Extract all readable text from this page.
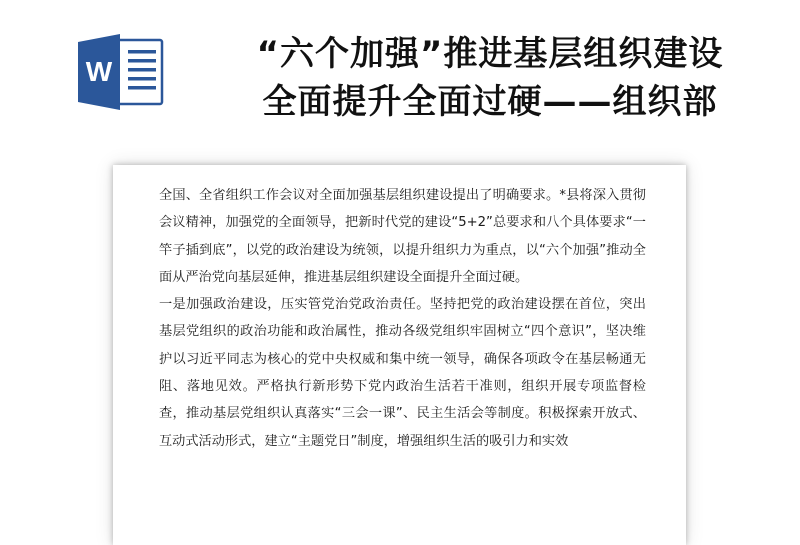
W	“六个加强”推进基层组织建设
全面提升全面过硬——组织部

全国、全省组织工作会议对全面加强基层组织建设提出了明确要求。*县将深入贯彻会议精神，加强党的全面领导，把新时代党的建设“5+2”总要求和八个具体要求“一竿子插到底”，以党的政治建设为统领，以提升组织力为重点，以“六个加强”推动全面从严治党向基层延伸，推进基层组织建设全面提升全面过硬。

一是加强政治建设，压实管党治党政治责任。坚持把党的政治建设摆在首位，突出基层党组织的政治功能和政治属性，推动各级党组织牢固树立“四个意识”，坚决维护以习近平同志为核心的党中央权威和集中统一领导，确保各项政令在基层畅通无阻、落地见效。严格执行新形势下党内政治生活若干准则，组织开展专项监督检查，推动基层党组织认真落实“三会一课”、民主生活会等制度。积极探索开放式、互动式活动形式，建立“主题党日”制度，增强组织生活的吸引力和实效
